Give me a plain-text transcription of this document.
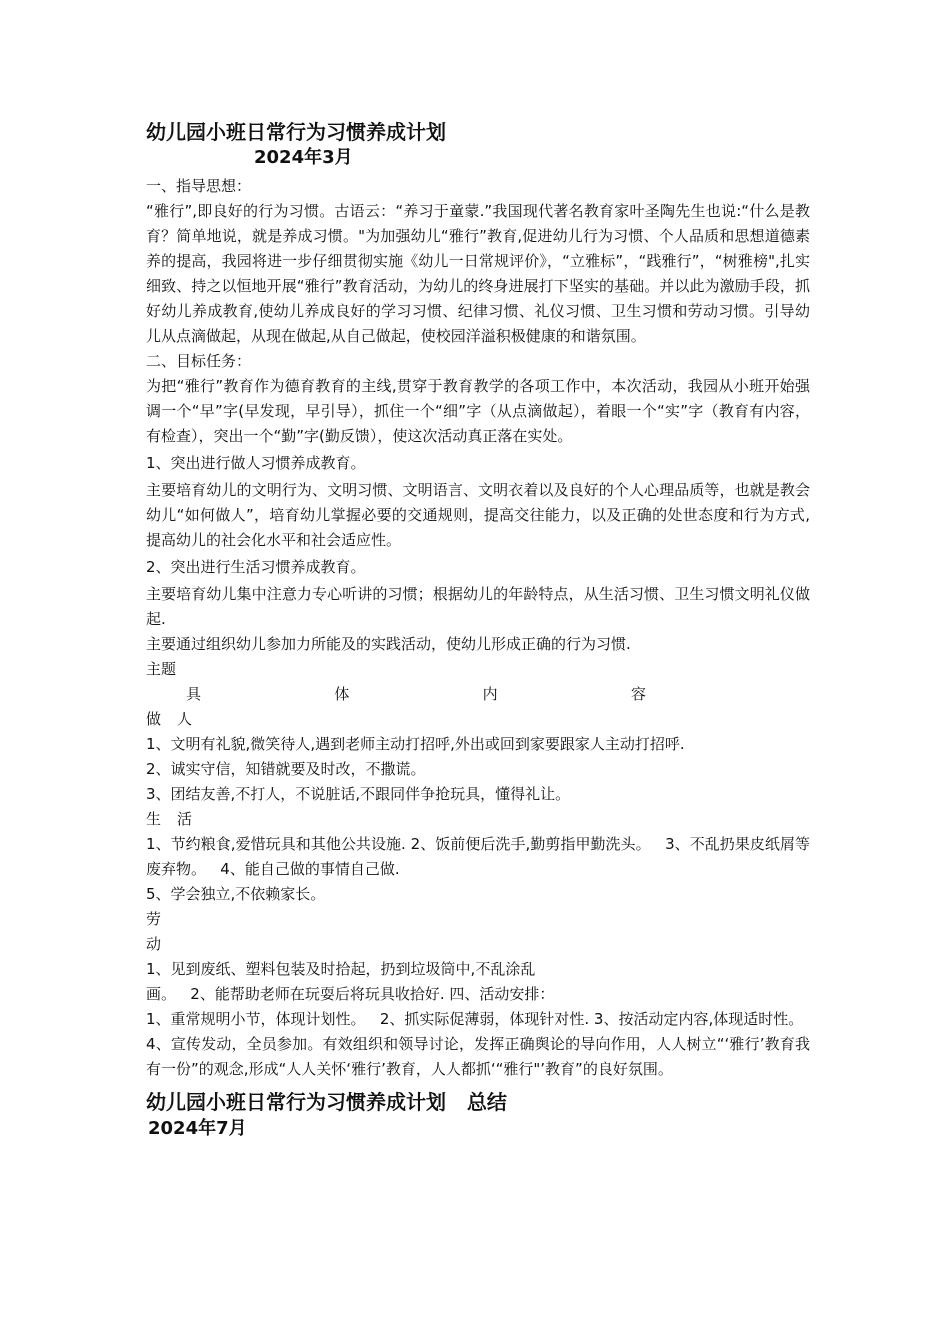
幼儿园小班日常行为习惯养成计划
2024年3月

一、指导思想：

“雅行”,即良好的行为习惯。古语云：“养习于童蒙.”我国现代著名教育家叶圣陶先生也说:“什么是教育？简单地说，就是养成习惯。"为加强幼儿“雅行”教育,促进幼儿行为习惯、个人品质和思想道德素养的提高，我园将进一步仔细贯彻实施《幼儿一日常规评价》，“立雅标”，“践雅行”，“树雅榜",扎实细致、持之以恒地开展“雅行”教育活动，为幼儿的终身进展打下坚实的基础。并以此为激励手段，抓好幼儿养成教育,使幼儿养成良好的学习习惯、纪律习惯、礼仪习惯、卫生习惯和劳动习惯。引导幼儿从点滴做起，从现在做起,从自己做起，使校园洋溢积极健康的和谐氛围。

二、目标任务：

为把“雅行”教育作为德育教育的主线,贯穿于教育教学的各项工作中，本次活动，我园从小班开始强调一个“早”字(早发现，早引导），抓住一个“细”字（从点滴做起），着眼一个“实”字（教育有内容，有检查），突出一个“勤”字(勤反馈），使这次活动真正落在实处。

1、突出进行做人习惯养成教育。

主要培育幼儿的文明行为、文明习惯、文明语言、文明衣着以及良好的个人心理品质等，也就是教会幼儿“如何做人”，培育幼儿掌握必要的交通规则，提高交往能力，以及正确的处世态度和行为方式,提高幼儿的社会化水平和社会适应性。

2、突出进行生活习惯养成教育。

主要培育幼儿集中注意力专心听讲的习惯；根据幼儿的年龄特点，从生活习惯、卫生习惯文明礼仪做起.

主要通过组织幼儿参加力所能及的实践活动，使幼儿形成正确的行为习惯.

主题

具	体	内	容

做人

1、文明有礼貌,微笑待人,遇到老师主动打招呼,外出或回到家要跟家人主动打招呼.

2、诚实守信，知错就要及时改，不撒谎。

3、团结友善,不打人，不说脏话,不跟同伴争抢玩具，懂得礼让。

生活

1、节约粮食,爱惜玩具和其他公共设施. 2、饭前便后洗手,勤剪指甲勤洗头。   3、不乱扔果皮纸屑等废弃物。   4、能自己做的事情自己做.

5、学会独立,不依赖家长。

劳

动

1、见到废纸、塑料包装及时拾起，扔到垃圾筒中,不乱涂乱

画。   2、能帮助老师在玩耍后将玩具收拾好. 四、活动安排：

1、重常规明小节，体现计划性。   2、抓实际促薄弱，体现针对性. 3、按活动定内容,体现适时性。

4、宣传发动，全员参加。有效组织和领导讨论，发挥正确舆论的导向作用，人人树立“‘雅行’教育我有一份”的观念,形成“人人关怀‘雅行’教育，人人都抓‘“雅行"’教育”的良好氛围。

幼儿园小班日常行为习惯养成计划   总结
2024年7月
